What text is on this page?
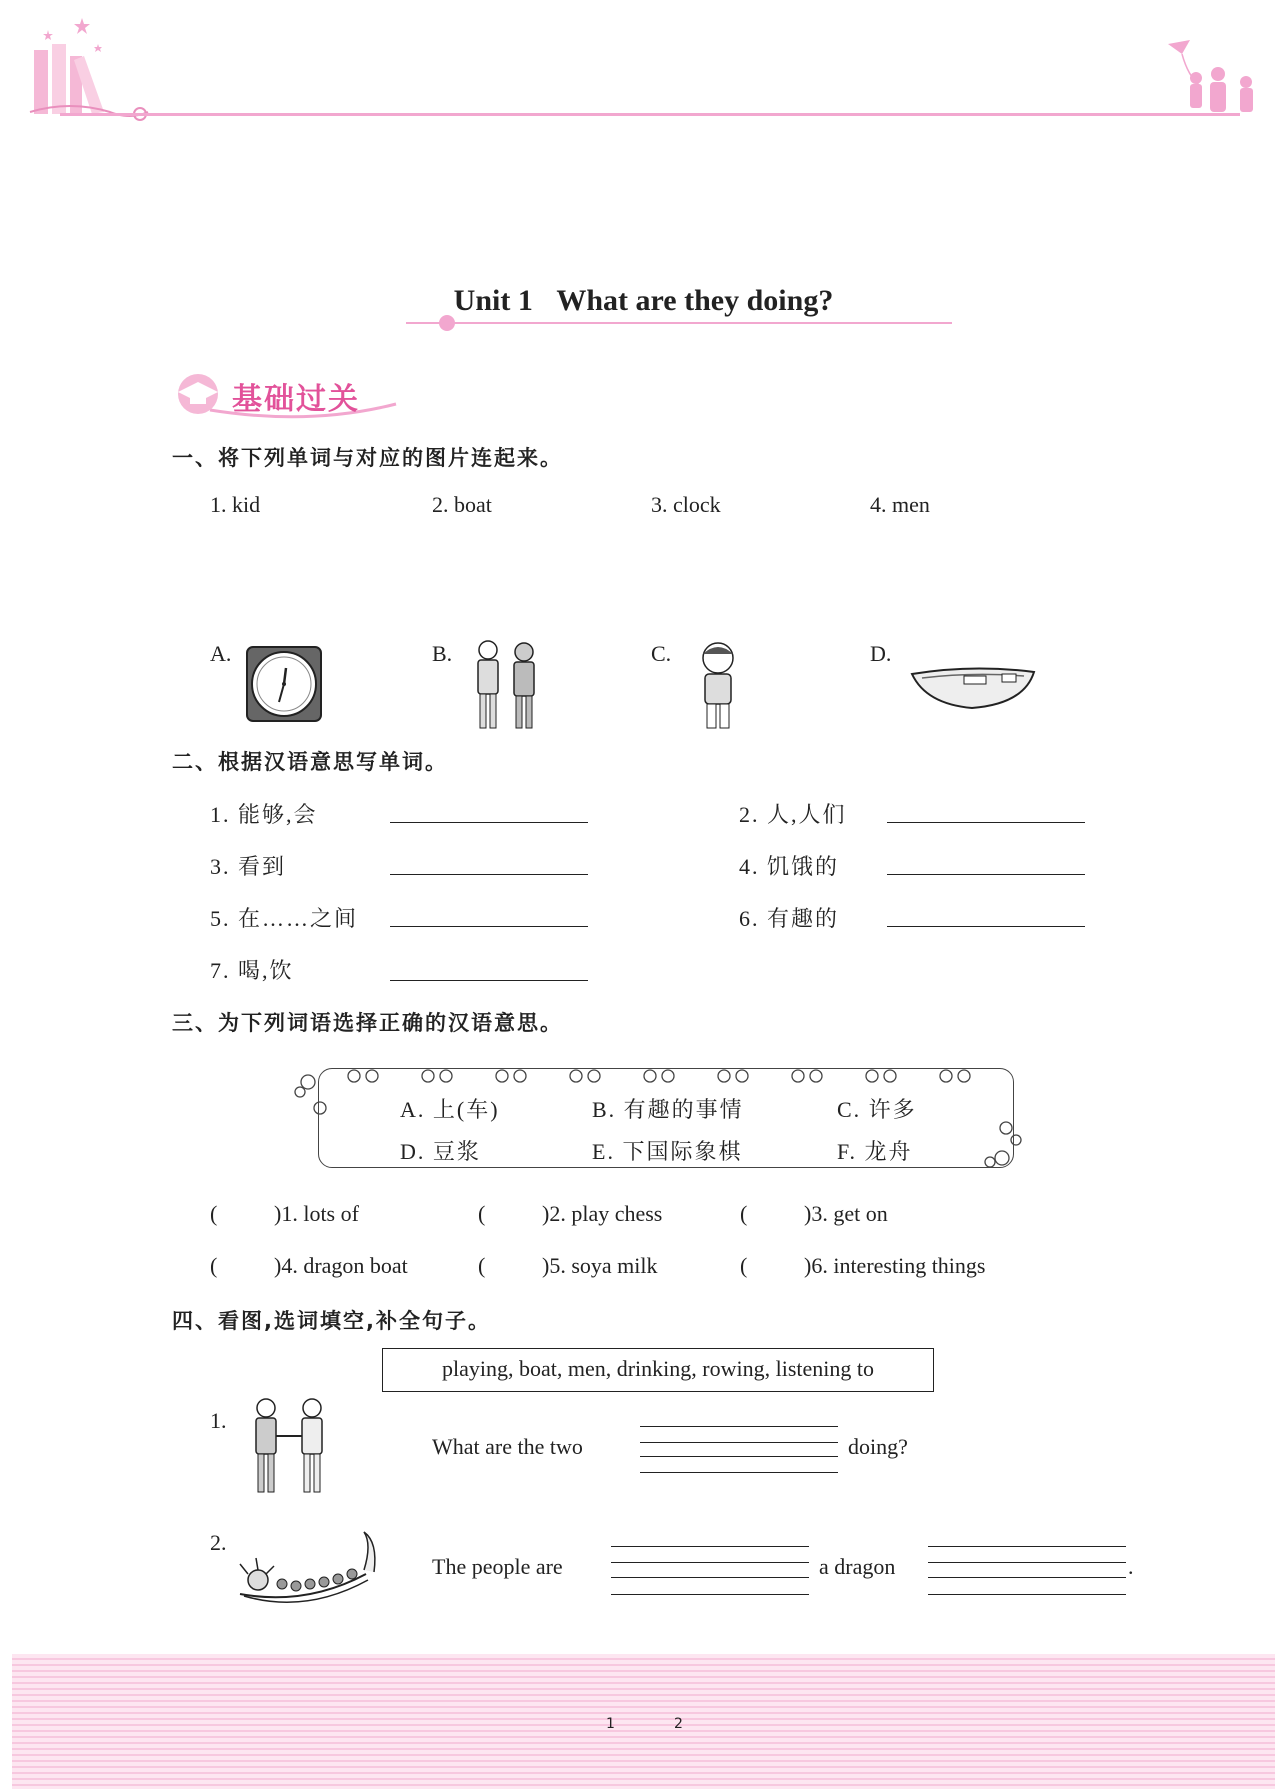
Unit 1 What are they doing?
基础过关
一、将下列单词与对应的图片连起来。
1. kid	2. boat	3. clock	4. men
A.	B.	C.	D.
二、根据汉语意思写单词。
1. 能够,会	2. 人,人们
3. 看到	4. 饥饿的
5. 在……之间	6. 有趣的
7. 喝,饮
三、为下列词语选择正确的汉语意思。
A. 上(车)	B. 有趣的事情	C. 许多
D. 豆浆	E. 下国际象棋	F. 龙舟
(	)1. lots of	(	)2. play chess	(	)3. get on
(	)4. dragon boat	(	)5. soya milk	(	)6. interesting things
四、看图,选词填空,补全句子。
playing, boat, men, drinking, rowing, listening to
1.
What are the two	doing?
2.
The people are	a dragon	.
1	2
